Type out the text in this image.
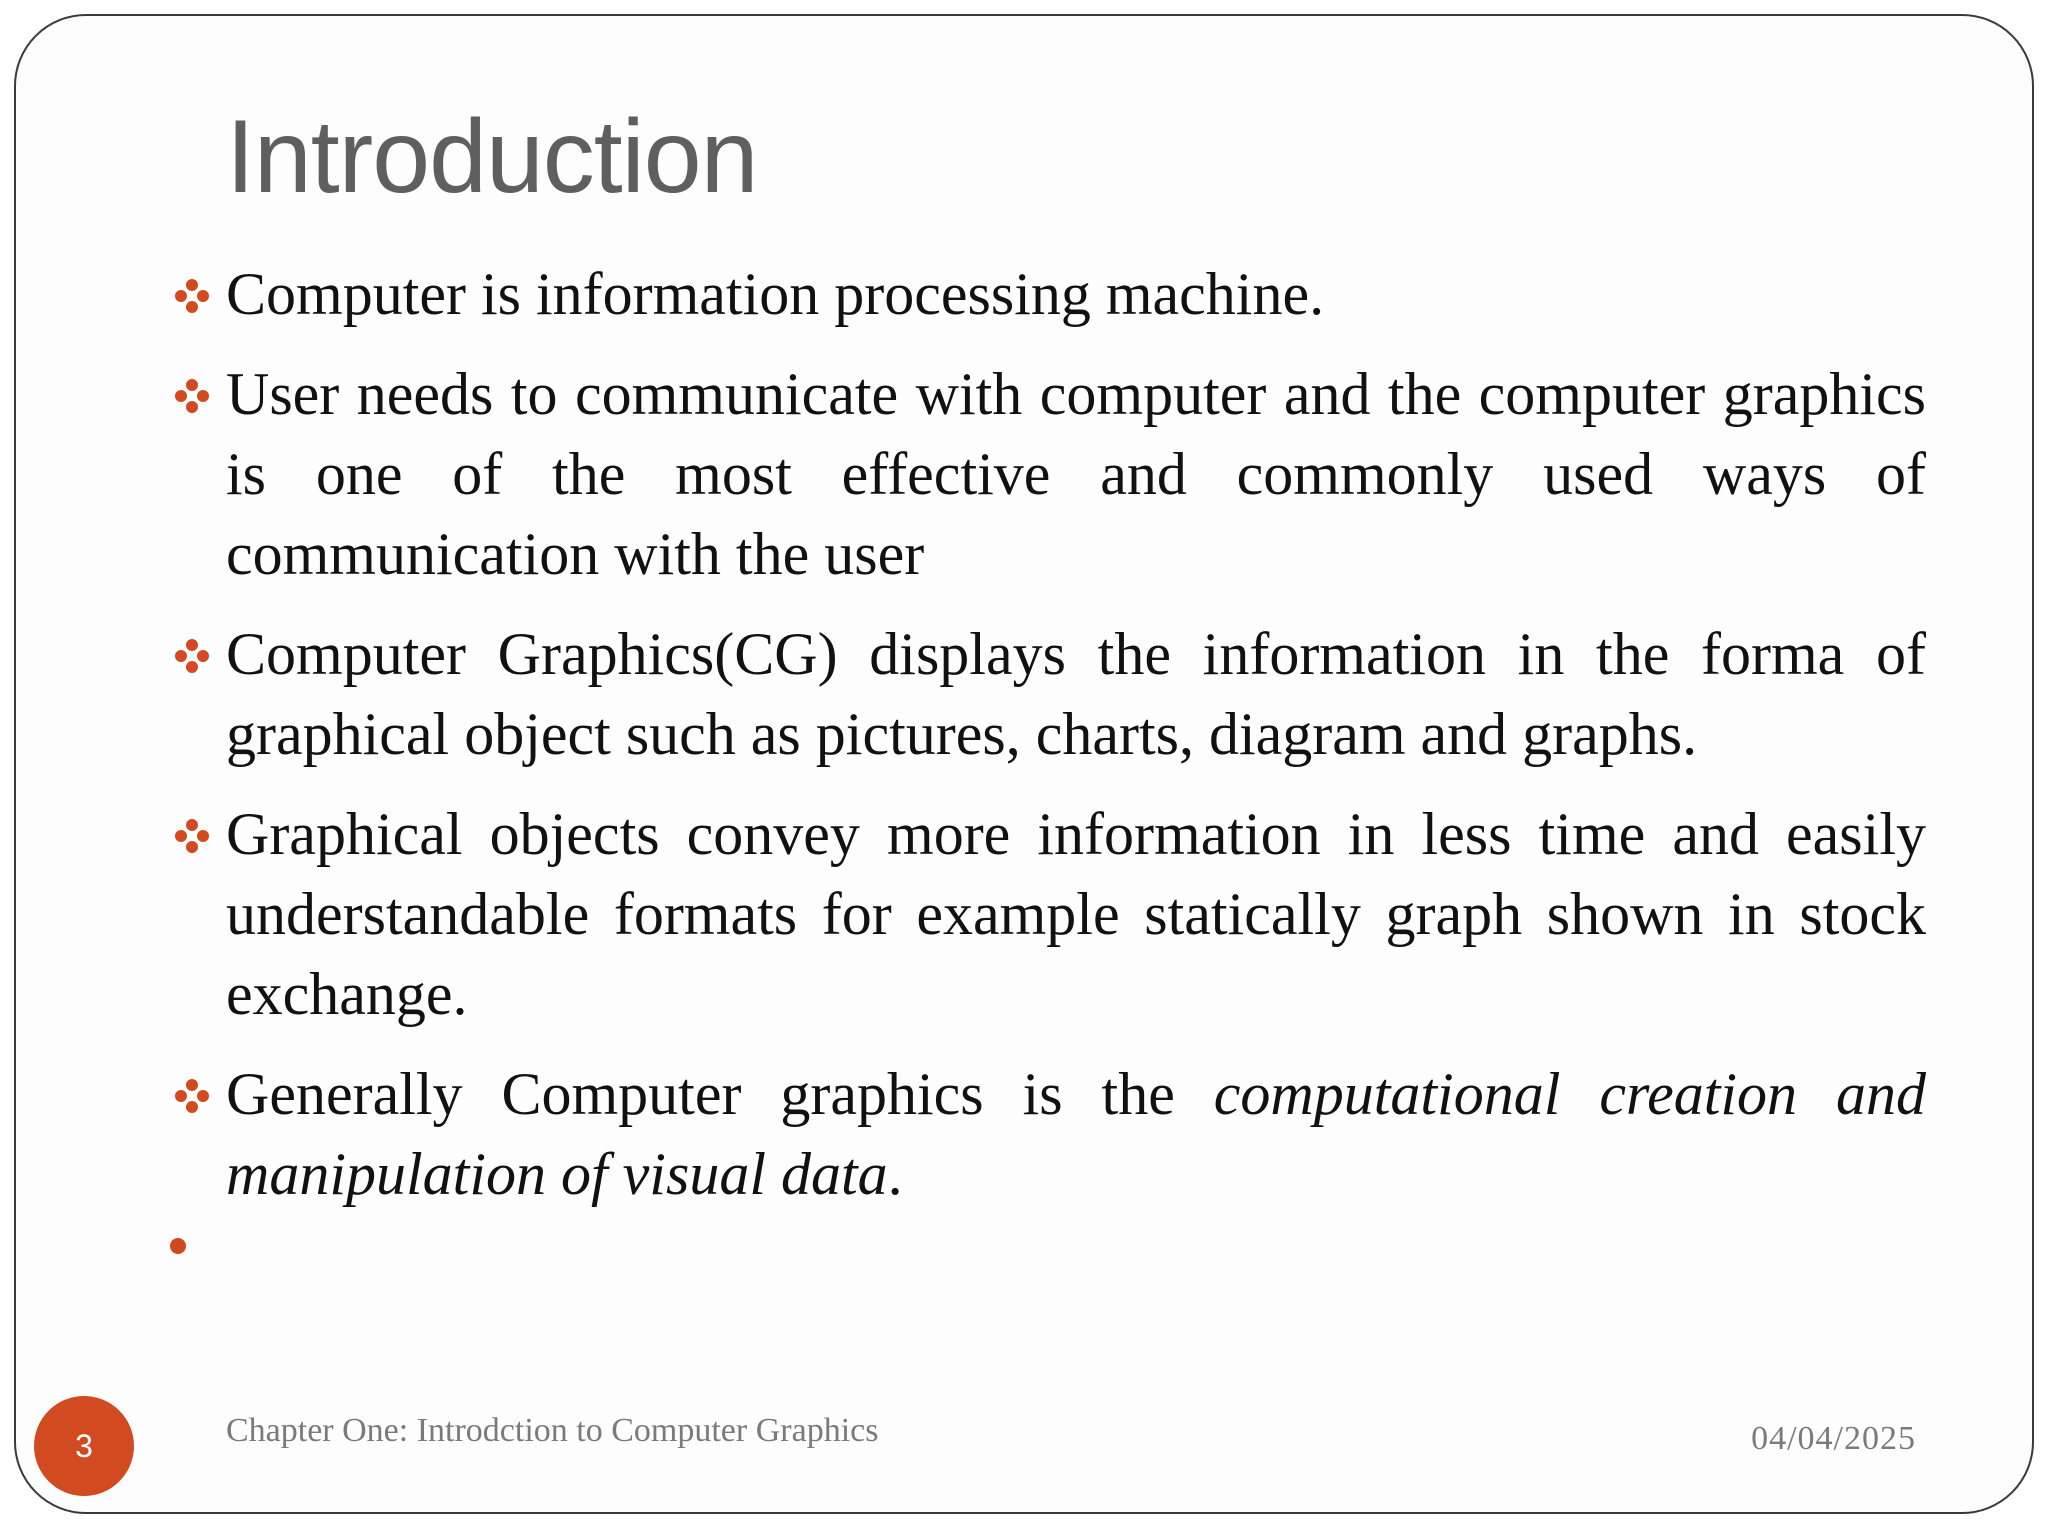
Introduction
Computer is information processing machine.
User needs to communicate with computer and the computer graphics is one of the most effective and commonly used ways of communication with the user
Computer Graphics(CG) displays the information in the forma of graphical object such as pictures, charts, diagram and graphs.
Graphical objects convey more information in less time and easily understandable formats for example statically graph shown in stock exchange.
Generally Computer graphics is the computational creation and manipulation of visual data.
3	Chapter One: Introdction to Computer Graphics	04/04/2025
